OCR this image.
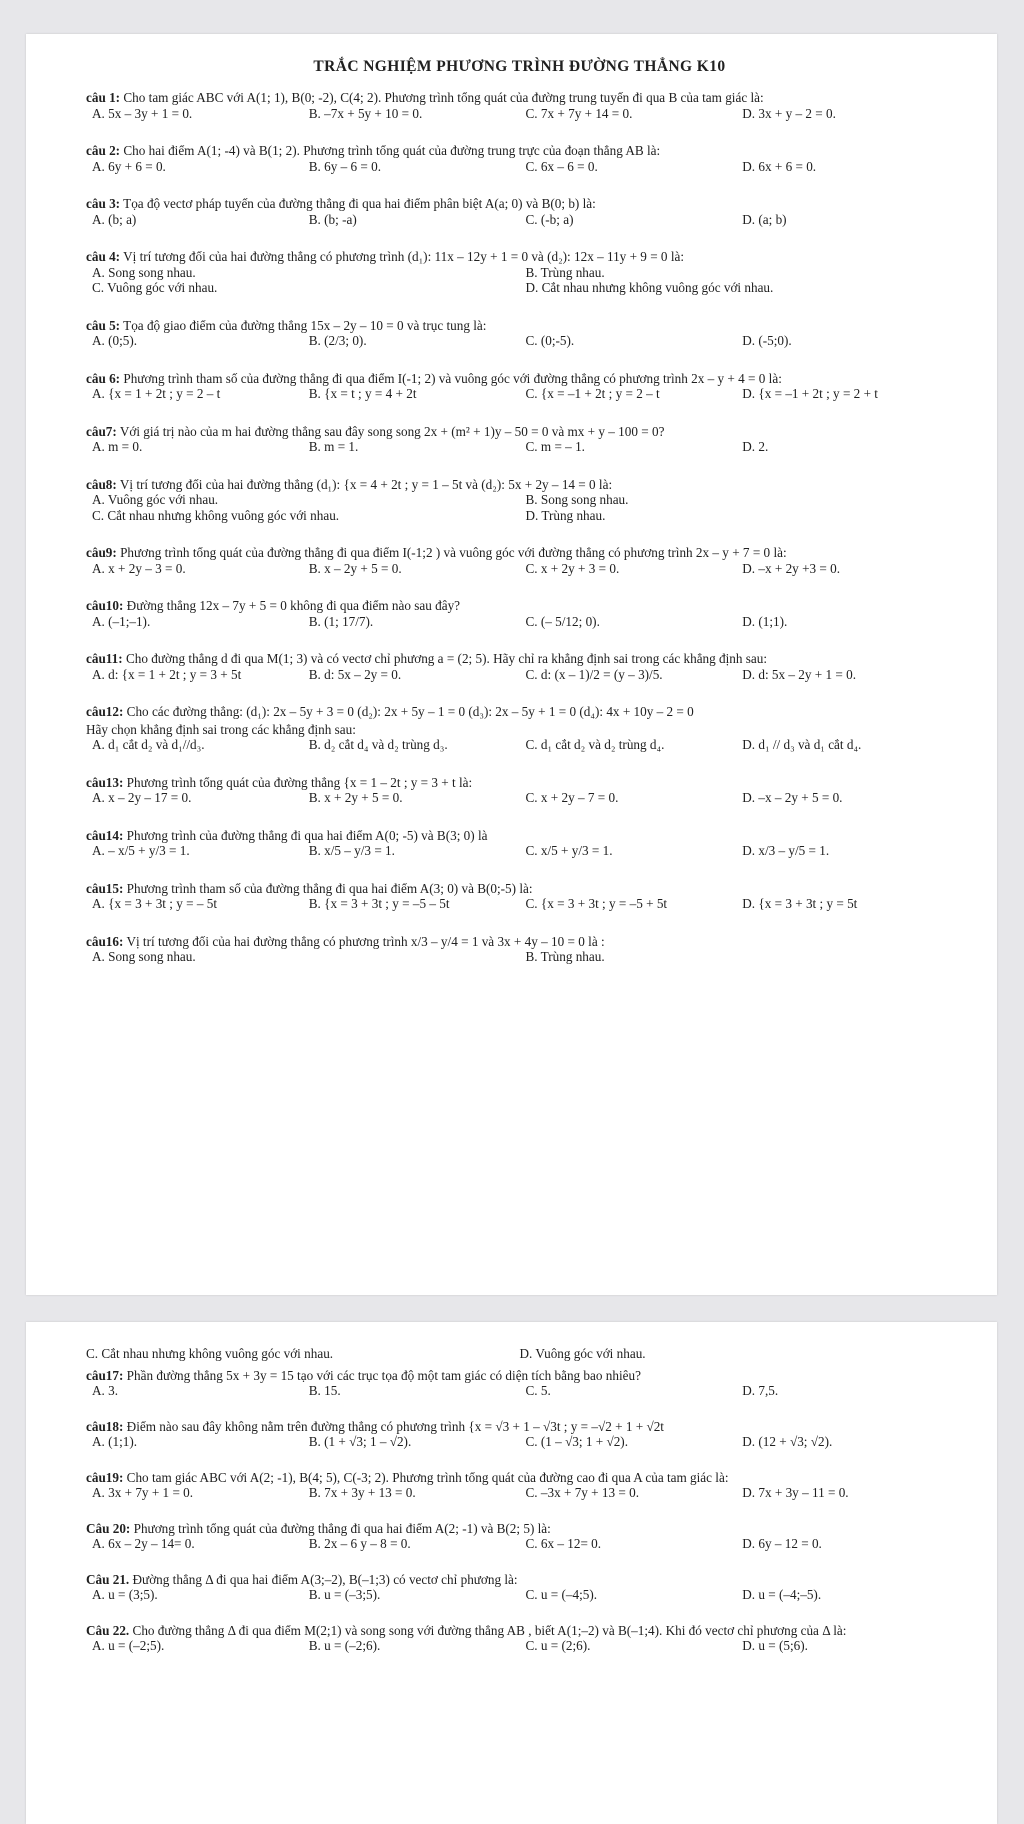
TRẮC NGHIỆM PHƯƠNG TRÌNH ĐƯỜNG THẲNG K10
câu 1: Cho tam giác ABC với A(1; 1), B(0; -2), C(4; 2). Phương trình tổng quát của đường trung tuyến đi qua B của tam giác là:
A. 5x – 3y + 1 = 0.	B. –7x + 5y + 10 = 0.	C. 7x + 7y + 14 = 0.	D. 3x + y – 2 = 0.
câu 2: Cho hai điểm A(1; -4) và B(1; 2). Phương trình tổng quát của đường trung trực của đoạn thẳng AB là:
A. 6y + 6 = 0.	B. 6y – 6 = 0.	C. 6x – 6 = 0.	D. 6x + 6 = 0.
câu 3: Tọa độ vectơ pháp tuyến của đường thẳng đi qua hai điểm phân biệt A(a; 0) và B(0; b) là:
A. (b; a)	B. (b; -a)	C. (-b; a)	D. (a; b)
câu 4: Vị trí tương đối của hai đường thẳng có phương trình (d₁): 11x – 12y + 1 = 0 và (d₂): 12x – 11y + 9 = 0 là:
A. Song song nhau.	B. Trùng nhau.
C. Vuông góc với nhau.	D. Cắt nhau nhưng không vuông góc với nhau.
câu 5: Tọa độ giao điểm của đường thẳng 15x – 2y – 10 = 0 và trục tung là:
A. (0;5).	B. (2/3; 0).	C. (0;-5).	D. (-5;0).
câu 6: Phương trình tham số của đường thẳng đi qua điểm I(-1; 2) và vuông góc với đường thẳng có phương trình 2x – y + 4 = 0 là:
A. {x = 1 + 2t ; y = 2 – t	B. {x = t ; y = 4 + 2t	C. {x = –1 + 2t ; y = 2 – t	D. {x = –1 + 2t ; y = 2 + t
câu7: Với giá trị nào của m hai đường thẳng sau đây song song 2x + (m² + 1)y – 50 = 0 và mx + y – 100 = 0?
A. m = 0.	B. m = 1.	C. m = – 1.	D. 2.
câu8: Vị trí tương đối của hai đường thẳng (d₁): {x = 4 + 2t ; y = 1 – 5t và (d₂): 5x + 2y – 14 = 0 là:
A. Vuông góc với nhau.	B. Song song nhau.
C. Cắt nhau nhưng không vuông góc với nhau.	D. Trùng nhau.
câu9: Phương trình tổng quát của đường thẳng đi qua điểm I(-1;2 ) và vuông góc với đường thẳng có phương trình 2x – y + 7 = 0 là:
A. x + 2y – 3 = 0.	B. x – 2y + 5 = 0.	C. x + 2y + 3 = 0.	D. –x + 2y +3 = 0.
câu10: Đường thẳng 12x – 7y + 5 = 0 không đi qua điểm nào sau đây?
A. (–1;–1).	B. (1; 17/7).	C. (– 5/12; 0).	D. (1;1).
câu11: Cho đường thẳng d đi qua M(1; 3) và có vectơ chỉ phương a = (2; 5). Hãy chỉ ra khẳng định sai trong các khẳng định sau:
A. d: {x = 1 + 2t ; y = 3 + 5t	B. d: 5x – 2y = 0.	C. d: (x – 1)/2 = (y – 3)/5.	D. d: 5x – 2y + 1 = 0.
câu12: Cho các đường thẳng: (d₁): 2x – 5y + 3 = 0 (d₂): 2x + 5y – 1 = 0 (d₃): 2x – 5y + 1 = 0 (d₄): 4x + 10y – 2 = 0
Hãy chọn khẳng định sai trong các khẳng định sau:
A. d₁ cắt d₂ và d₁//d₃.	B. d₂ cắt d₄ và d₂ trùng d₃.	C. d₁ cắt d₂ và d₂ trùng d₄.	D. d₁ // d₃ và d₁ cắt d₄.
câu13: Phương trình tổng quát của đường thẳng {x = 1 – 2t ; y = 3 + t là:
A. x – 2y – 17 = 0.	B. x + 2y + 5 = 0.	C. x + 2y – 7 = 0.	D. –x – 2y + 5 = 0.
câu14: Phương trình của đường thẳng đi qua hai điểm A(0; -5) và B(3; 0) là
A. – x/5 + y/3 = 1.	B. x/5 – y/3 = 1.	C. x/5 + y/3 = 1.	D. x/3 – y/5 = 1.
câu15: Phương trình tham số của đường thẳng đi qua hai điểm A(3; 0) và B(0;-5) là:
A. {x = 3 + 3t ; y = – 5t	B. {x = 3 + 3t ; y = –5 – 5t	C. {x = 3 + 3t ; y = –5 + 5t	D. {x = 3 + 3t ; y = 5t
câu16: Vị trí tương đối của hai đường thẳng có phương trình x/3 – y/4 = 1 và 3x + 4y – 10 = 0 là :
A. Song song nhau.	B. Trùng nhau.
C. Cắt nhau nhưng không vuông góc với nhau.	D. Vuông góc với nhau.
câu17: Phần đường thẳng 5x + 3y = 15 tạo với các trục tọa độ một tam giác có diện tích bằng bao nhiêu?
A. 3.	B. 15.	C. 5.	D. 7,5.
câu18: Điểm nào sau đây không nằm trên đường thẳng có phương trình {x = √3 + 1 – √3t ; y = –√2 + 1 + √2t
A. (1;1).	B. (1 + √3; 1 – √2).	C. (1 – √3; 1 + √2).	D. (12 + √3; √2).
câu19: Cho tam giác ABC với A(2; -1), B(4; 5), C(-3; 2). Phương trình tổng quát của đường cao đi qua A của tam giác là:
A. 3x + 7y + 1 = 0.	B. 7x + 3y + 13 = 0.	C. –3x + 7y + 13 = 0.	D. 7x + 3y – 11 = 0.
Câu 20: Phương trình tổng quát của đường thẳng đi qua hai điểm A(2; -1) và B(2; 5) là:
A. 6x – 2y – 14= 0.	B. 2x – 6 y – 8 = 0.	C. 6x – 12= 0.	D. 6y – 12 = 0.
Câu 21. Đường thẳng Δ đi qua hai điểm A(3;–2), B(–1;3) có vectơ chỉ phương là:
A. u = (3;5).	B. u = (–3;5).	C. u = (–4;5).	D. u = (–4;–5).
Câu 22. Cho đường thẳng Δ đi qua điểm M(2;1) và song song với đường thẳng AB , biết A(1;–2) và B(–1;4). Khi đó vectơ chỉ phương của Δ là:
A. u = (–2;5).	B. u = (–2;6).	C. u = (2;6).	D. u = (5;6).
